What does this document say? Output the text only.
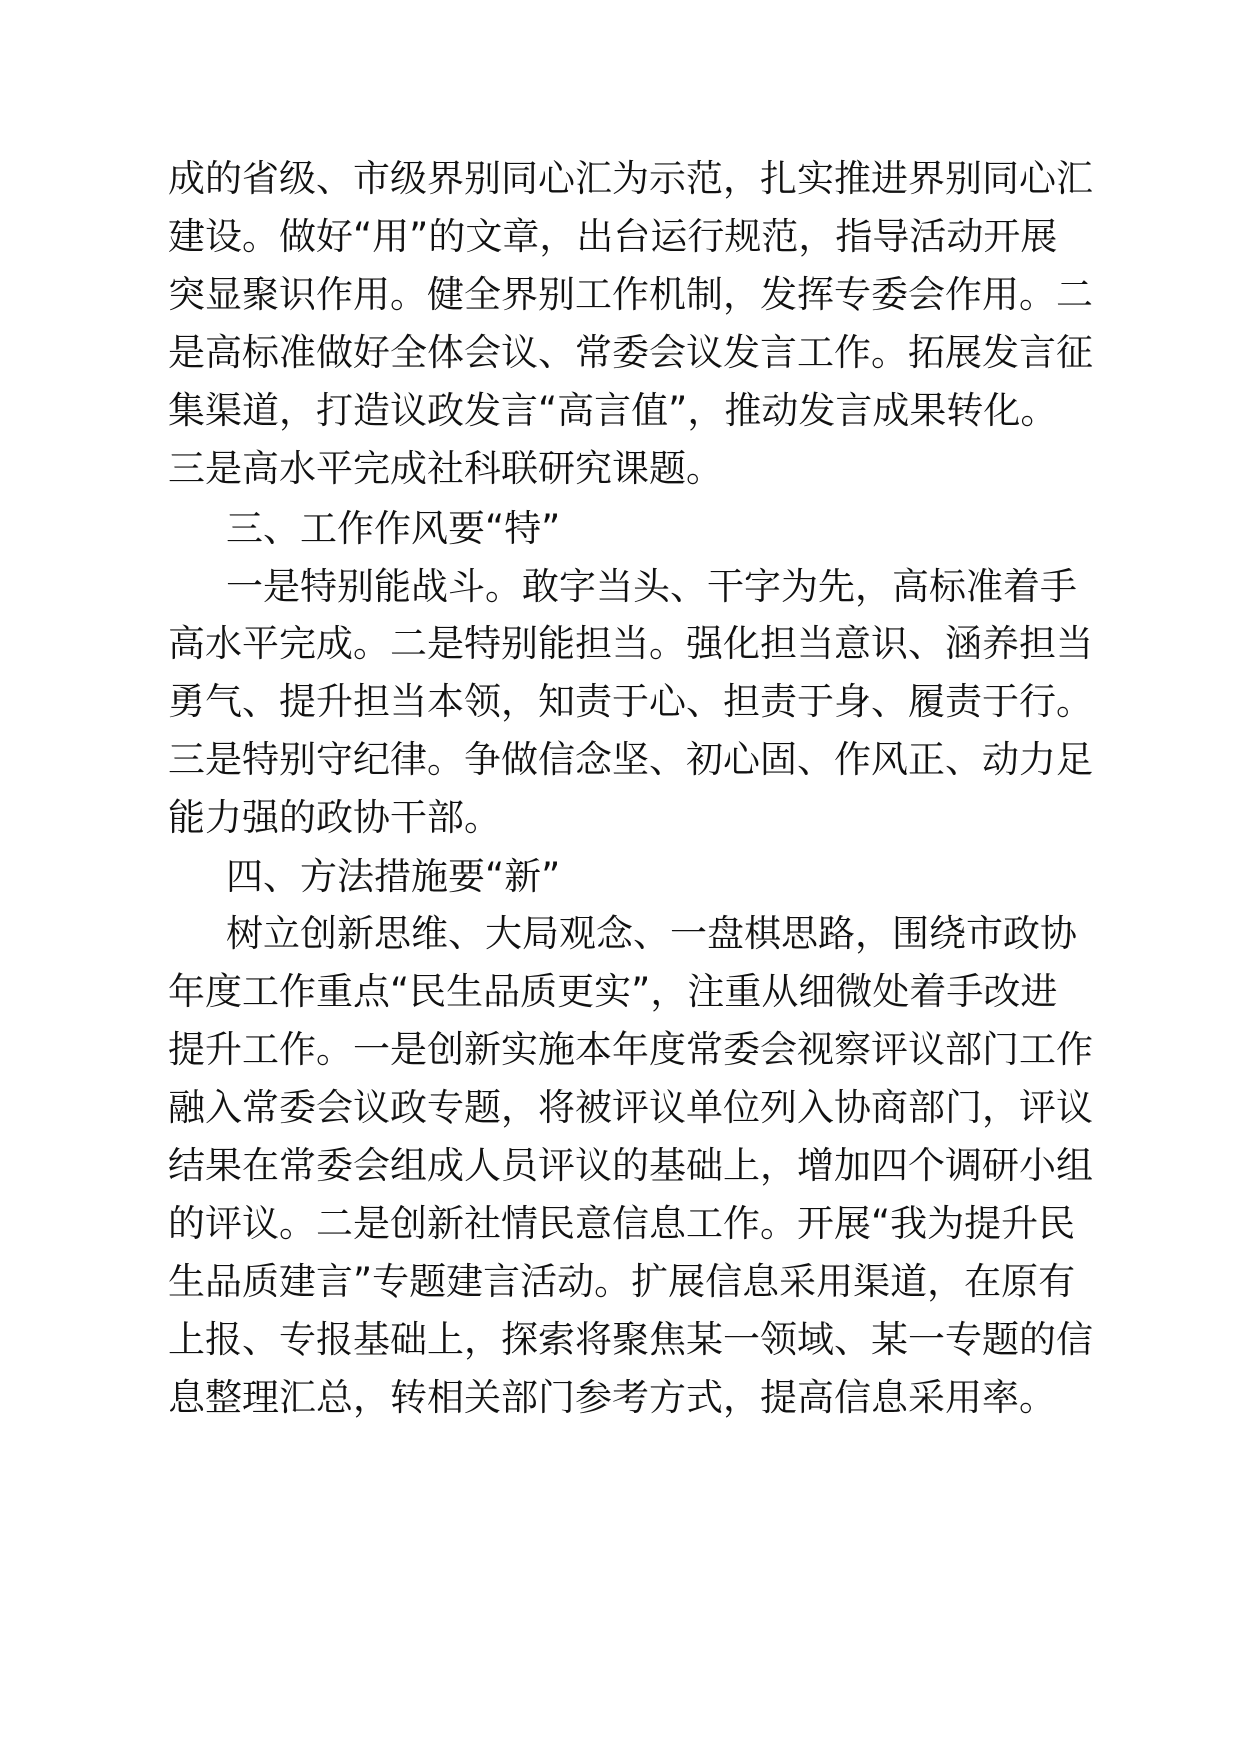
成的省级、市级界别同心汇为示范，扎实推进界别同心汇
建设。做好“用”的文章，出台运行规范，指导活动开展
突显聚识作用。健全界别工作机制，发挥专委会作用。二
是高标准做好全体会议、常委会议发言工作。拓展发言征
集渠道，打造议政发言“高言值”，推动发言成果转化。
三是高水平完成社科联研究课题。
三、工作作风要“特”
一是特别能战斗。敢字当头、干字为先，高标准着手
高水平完成。二是特别能担当。强化担当意识、涵养担当
勇气、提升担当本领，知责于心、担责于身、履责于行。
三是特别守纪律。争做信念坚、初心固、作风正、动力足
能力强的政协干部。
四、方法措施要“新”
树立创新思维、大局观念、一盘棋思路，围绕市政协
年度工作重点“民生品质更实”，注重从细微处着手改进
提升工作。一是创新实施本年度常委会视察评议部门工作
融入常委会议政专题，将被评议单位列入协商部门，评议
结果在常委会组成人员评议的基础上，增加四个调研小组
的评议。二是创新社情民意信息工作。开展“我为提升民
生品质建言”专题建言活动。扩展信息采用渠道，在原有
上报、专报基础上，探索将聚焦某一领域、某一专题的信
息整理汇总，转相关部门参考方式，提高信息采用率。
